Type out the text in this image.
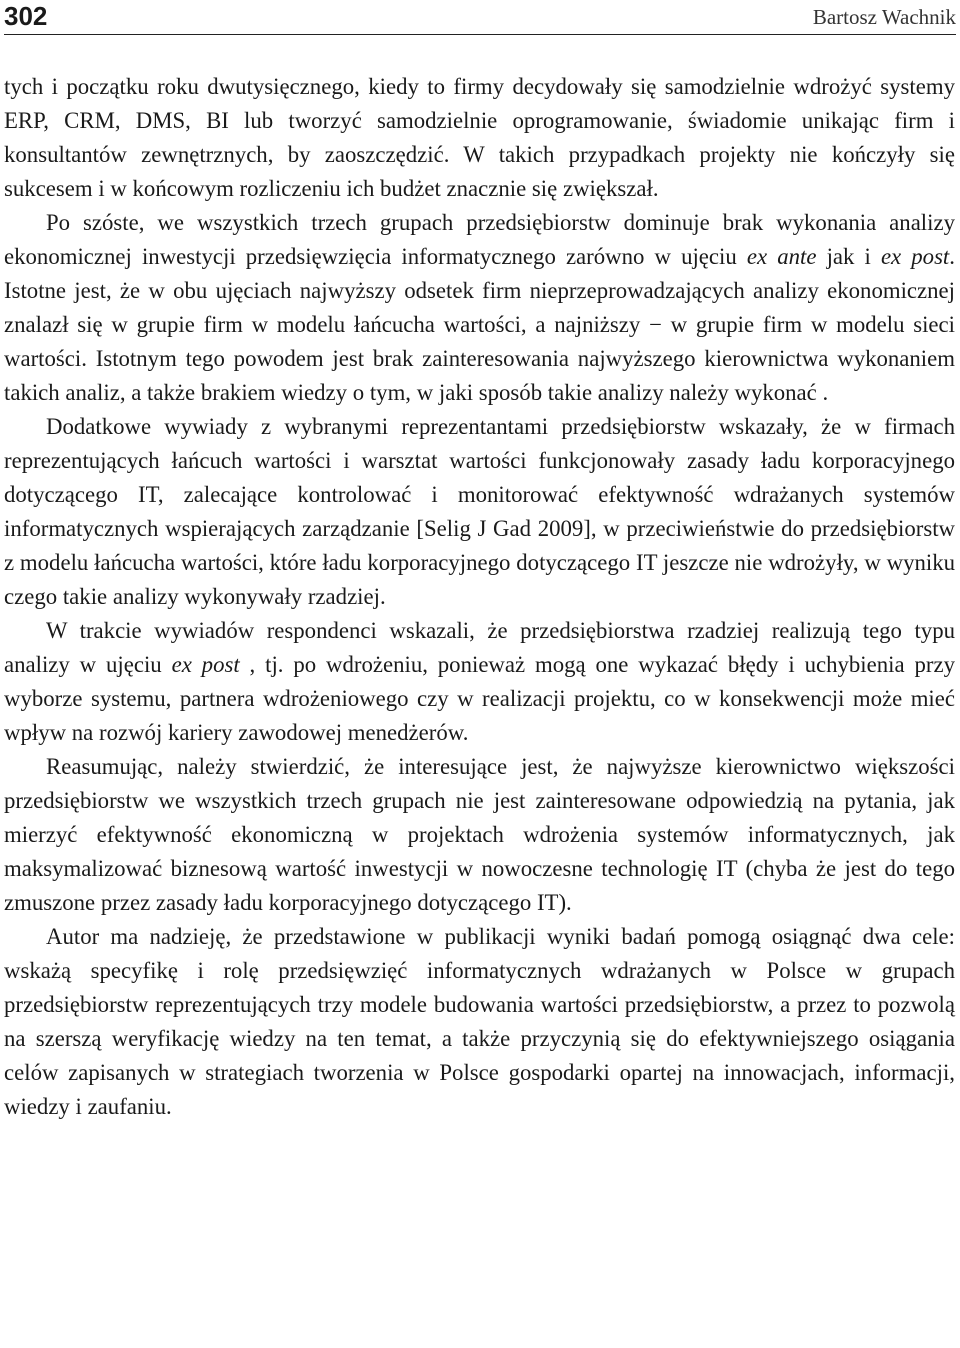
302	Bartosz Wachnik

tych i początku roku dwutysięcznego, kiedy to firmy decydowały się samodzielnie wdrożyć systemy ERP, CRM, DMS, BI lub tworzyć samodzielnie oprogramowanie, świadomie unikając firm i konsultantów zewnętrznych, by zaoszczędzić. W takich przypadkach projekty nie kończyły się sukcesem i w końcowym rozliczeniu ich budżet znacznie się zwiększał.

Po szóste, we wszystkich trzech grupach przedsiębiorstw dominuje brak wykonania analizy ekonomicznej inwestycji przedsięwzięcia informatycznego zarówno w ujęciu ex ante jak i ex post. Istotne jest, że w obu ujęciach najwyższy odsetek firm nieprzeprowadzających analizy ekonomicznej znalazł się w grupie firm w modelu łańcucha wartości, a najniższy − w grupie firm w modelu sieci wartości. Istotnym tego powodem jest brak zainteresowania najwyższego kierownictwa wykonaniem takich analiz, a także brakiem wiedzy o tym, w jaki sposób takie analizy należy wykonać .

Dodatkowe wywiady z wybranymi reprezentantami przedsiębiorstw wskazały, że w firmach reprezentujących łańcuch wartości i warsztat wartości funkcjonowały zasady ładu korporacyjnego dotyczącego IT, zalecające kontrolować i monitorować efektywność wdrażanych systemów informatycznych wspierających zarządzanie [Selig J Gad 2009], w przeciwieństwie do przedsiębiorstw z modelu łańcucha wartości, które ładu korporacyjnego dotyczącego IT jeszcze nie wdrożyły, w wyniku czego takie analizy wykonywały rzadziej.

W trakcie wywiadów respondenci wskazali, że przedsiębiorstwa rzadziej realizują tego typu analizy w ujęciu ex post , tj. po wdrożeniu, ponieważ mogą one wykazać błędy i uchybienia przy wyborze systemu, partnera wdrożeniowego czy w realizacji projektu, co w konsekwencji może mieć wpływ na rozwój kariery zawodowej menedżerów.

Reasumując, należy stwierdzić, że interesujące jest, że najwyższe kierownictwo większości przedsiębiorstw we wszystkich trzech grupach nie jest zainteresowane odpowiedzią na pytania, jak mierzyć efektywność ekonomiczną w projektach wdrożenia systemów informatycznych, jak maksymalizować biznesową wartość inwestycji w nowoczesne technologię IT (chyba że jest do tego zmuszone przez zasady ładu korporacyjnego dotyczącego IT).

Autor ma nadzieję, że przedstawione w publikacji wyniki badań pomogą osiągnąć dwa cele: wskażą specyfikę i rolę przedsięwzięć informatycznych wdrażanych w Polsce w grupach przedsiębiorstw reprezentujących trzy modele budowania wartości przedsiębiorstw, a przez to pozwolą na szerszą weryfikację wiedzy na ten temat, a także przyczynią się do efektywniejszego osiągania celów zapisanych w strategiach tworzenia w Polsce gospodarki opartej na innowacjach, informacji, wiedzy i zaufaniu.
